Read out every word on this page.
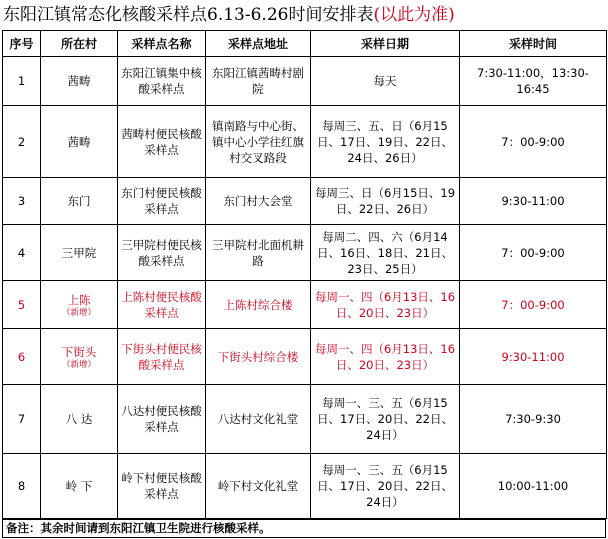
东阳江镇常态化核酸采样点6.13-6.26时间安排表(以此为准)
序号	所在村	采样点名称	采样点地址	采样日期	采样时间
1	茜畴	东阳江镇集中核酸采样点	东阳江镇茜畴村剧院	每天	7:30-11:00，13:30-16:45
2	茜畴	茜畴村便民核酸采样点	镇南路与中心街、镇中心小学往红旗村交叉路段	每周三、五、日（6月15日、17日、19日、22日、24日、26日）	7：00-9:00
3	东门	东门村便民核酸采样点	东门村大会堂	每周三、日（6月15日、19日、22日、26日）	9:30-11:00
4	三甲院	三甲院村便民核酸采样点	三甲院村北面机耕路	每周二、四、六（6月14日、16日、18日、21日、23日、25日）	7：00-9:00
5	上陈
（新增）	上陈村便民核酸采样点	上陈村综合楼	每周一、四（6月13日、16日、20日、23日）	7：00-9:00
6	下街头
（新增）	下街头村便民核酸采样点	下街头村综合楼	每周一、四（6月13日、16日、20日、23日）	9:30-11:00
7	八 达	八达村便民核酸采样点	八达村文化礼堂	每周一、三、五（6月15日、17日、20日、22日、24日）	7:30-9:30
8	岭 下	岭下村便民核酸采样点	岭下村文化礼堂	每周一、三、五（6月15日、17日、20日、22日、24日）	10:00-11:00
备注：其余时间请到东阳江镇卫生院进行核酸采样。
